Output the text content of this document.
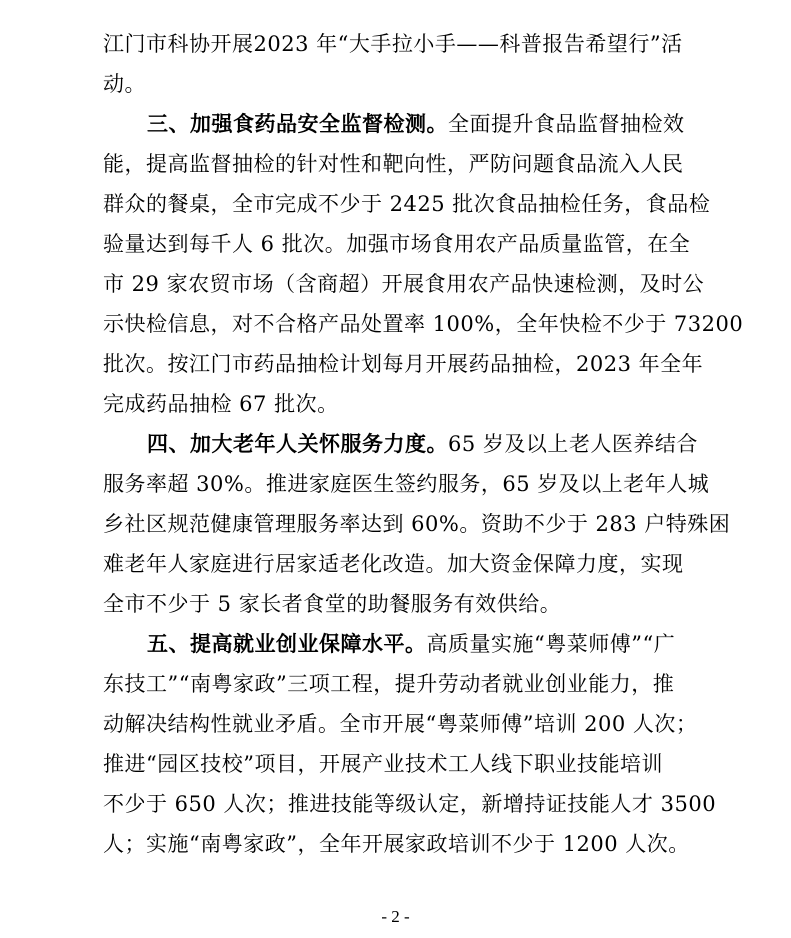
江门市科协开展2023 年“大手拉小手——科普报告希望行”活
动。
三、加强食药品安全监督检测。全面提升食品监督抽检效
能，提高监督抽检的针对性和靶向性，严防问题食品流入人民
群众的餐桌，全市完成不少于 2425 批次食品抽检任务，食品检
验量达到每千人 6 批次。加强市场食用农产品质量监管，在全
市 29 家农贸市场（含商超）开展食用农产品快速检测，及时公
示快检信息，对不合格产品处置率 100%，全年快检不少于 73200
批次。按江门市药品抽检计划每月开展药品抽检，2023 年全年
完成药品抽检 67 批次。
四、加大老年人关怀服务力度。65 岁及以上老人医养结合
服务率超 30%。推进家庭医生签约服务，65 岁及以上老年人城
乡社区规范健康管理服务率达到 60%。资助不少于 283 户特殊困
难老年人家庭进行居家适老化改造。加大资金保障力度，实现
全市不少于 5 家长者食堂的助餐服务有效供给。
五、提高就业创业保障水平。高质量实施“粤菜师傅”“广
东技工”“南粤家政”三项工程，提升劳动者就业创业能力，推
动解决结构性就业矛盾。全市开展“粤菜师傅”培训 200 人次；
推进“园区技校”项目，开展产业技术工人线下职业技能培训
不少于 650 人次；推进技能等级认定，新增持证技能人才 3500
人；实施“南粤家政”，全年开展家政培训不少于 1200 人次。
- 2 -
